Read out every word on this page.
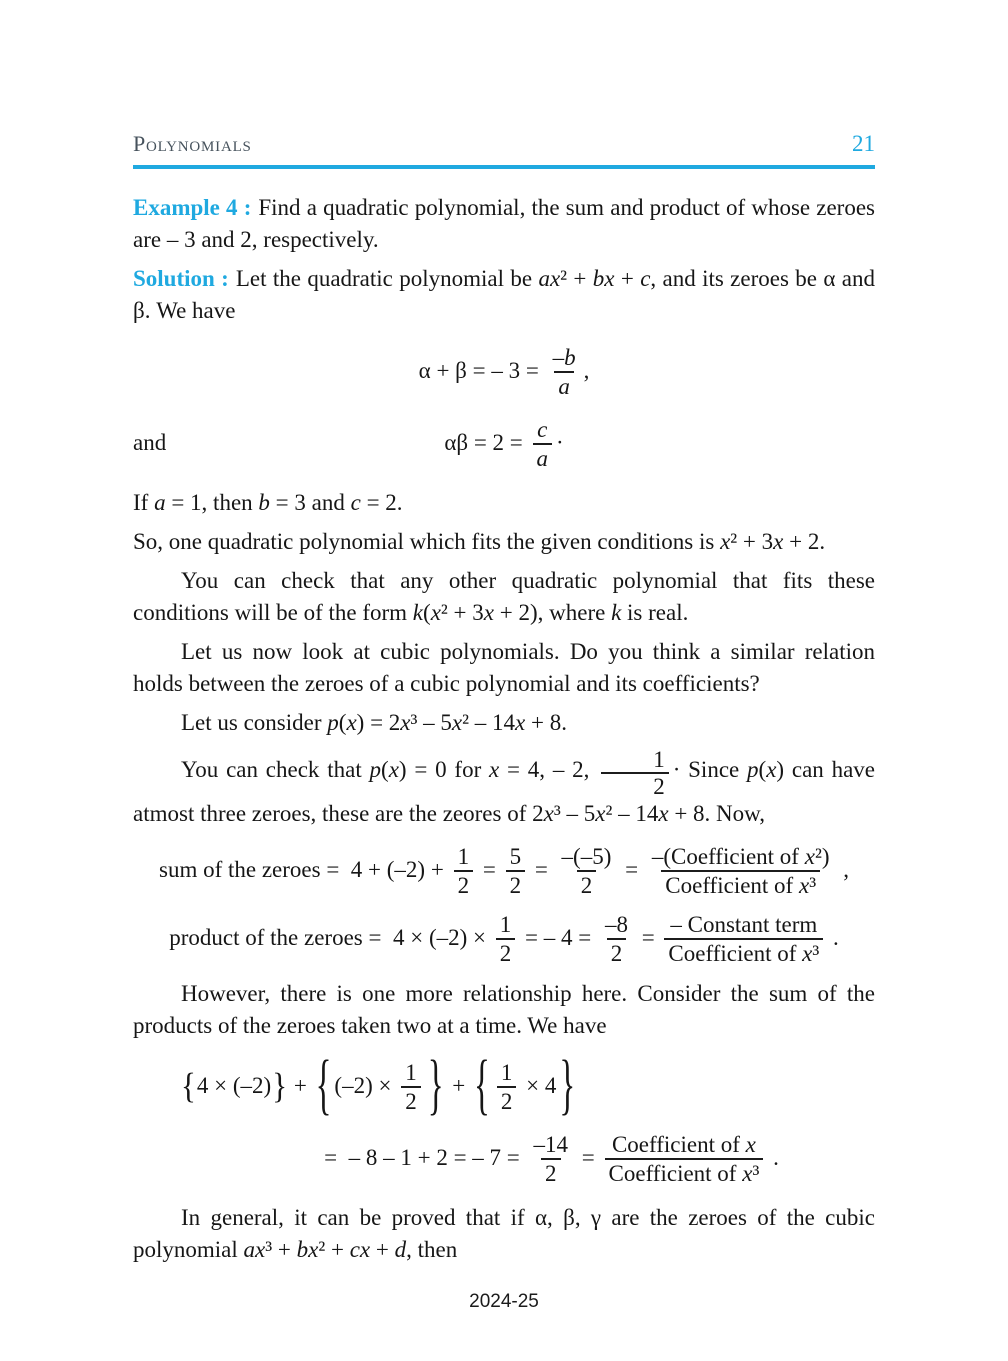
Polynomials	21

Example 4 : Find a quadratic polynomial, the sum and product of whose zeroes are – 3 and 2, respectively.

Solution : Let the quadratic polynomial be ax² + bx + c, and its zeroes be α and β. We have

α + β = – $3 = \frac{- b}{a}$ ,
and	$\alpha\beta = 2 = \frac{c}{a}$ ·

If a = 1, then b = 3 and c = 2.

So, one quadratic polynomial which fits the given conditions is x² + 3x + 2.

You can check that any other quadratic polynomial that fits these conditions will be of the form k(x² + 3x + 2), where k is real.

Let us now look at cubic polynomials. Do you think a similar relation holds between the zeroes of a cubic polynomial and its coefficients?

Let us consider p(x) = 2x³ – 5x² – 14x + 8.

You can check that p(x) = 0 for x = 4, – 2, $\frac{1}{2}$ · Since p(x) can have atmost three zeroes, these are the zeores of 2x³ – 5x² – 14x + 8. Now,

sum of the zeroes =  $4 + (-2) + \frac{1}{2} = \frac{5}{2} = \frac{-(-5)}{2} = \frac{\text{–(Coefficient of x ²)}}{\text{Coefficient of x ³}}$ ,
product of the zeroes =  $4 \times (-2) \times \frac{1}{2}$ = – $4 = \frac{-8}{2} = \frac{\text{– Constant term}}{\text{Coefficient of x ³}}$ .

However, there is one more relationship here. Consider the sum of the products of the zeroes taken two at a time. We have

{ 4 × (–2) } + { $(-2) \times \frac{1}{2}$ } + { $\frac{1}{2} \times 4$ }
=  – 8 – 1 + 2 = – $7 = \frac{-14}{2} = \frac{\text{Coefficient of x}}{\text{Coefficient of x ³}}$ .

In general, it can be proved that if α, β, γ are the zeroes of the cubic polynomial ax³ + bx² + cx + d, then

2024-25
